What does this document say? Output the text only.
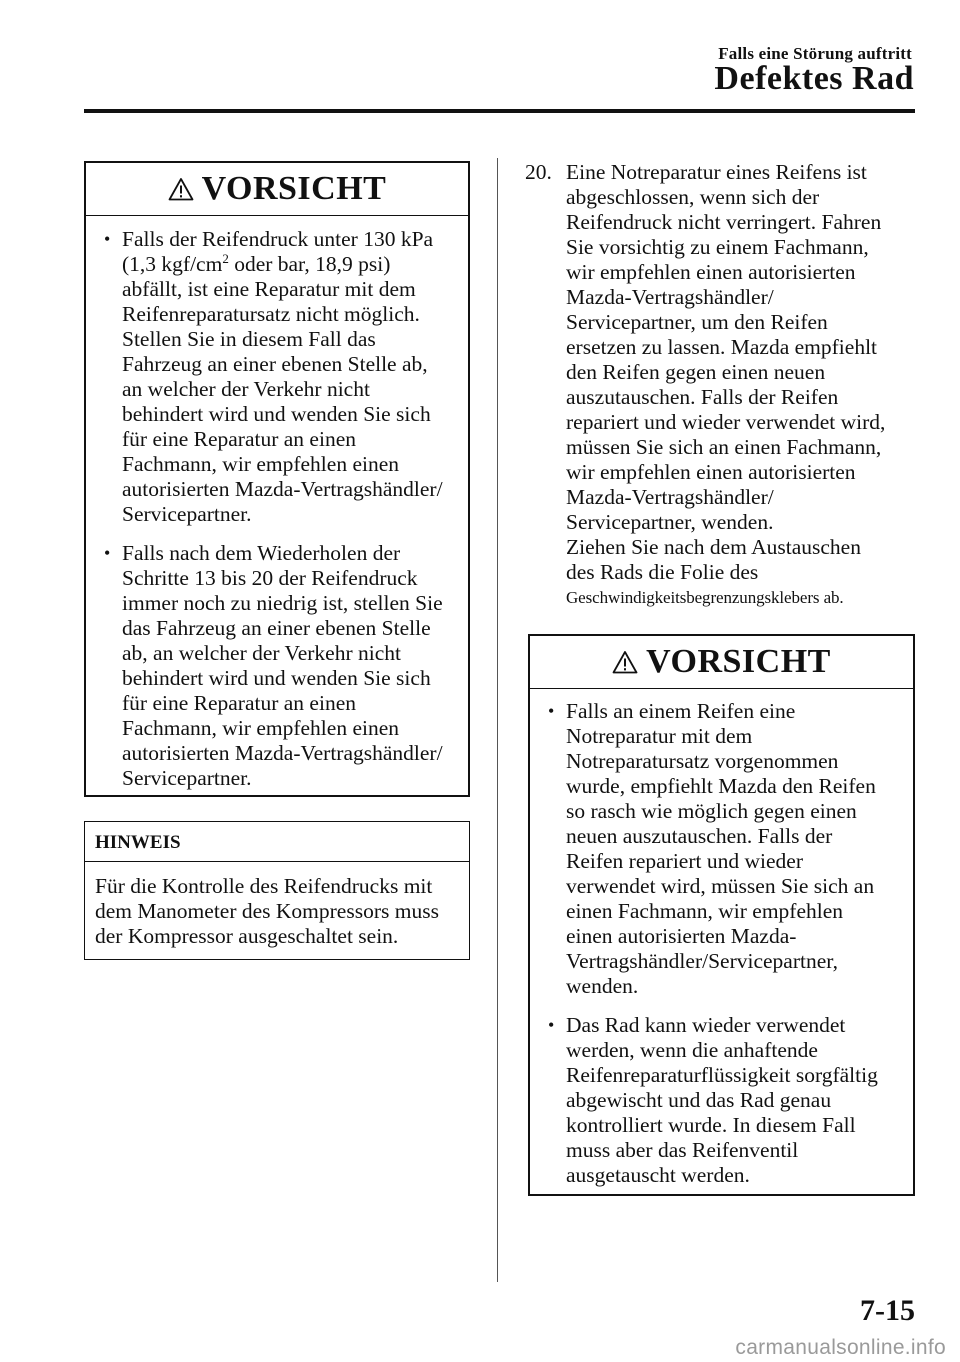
Falls eine Störung auftritt
Defektes Rad
VORSICHT
• Falls der Reifendruck unter 130 kPa
(1,3 kgf/$cm^2$ oder bar, 18,9 psi)
abfällt, ist eine Reparatur mit dem
Reifenreparatursatz nicht möglich.
Stellen Sie in diesem Fall das
Fahrzeug an einer ebenen Stelle ab,
an welcher der Verkehr nicht
behindert wird und wenden Sie sich
für eine Reparatur an einen
Fachmann, wir empfehlen einen
autorisierten Mazda-Vertragshändler/
Servicepartner.
• Falls nach dem Wiederholen der
Schritte 13 bis 20 der Reifendruck
immer noch zu niedrig ist, stellen Sie
das Fahrzeug an einer ebenen Stelle
ab, an welcher der Verkehr nicht
behindert wird und wenden Sie sich
für eine Reparatur an einen
Fachmann, wir empfehlen einen
autorisierten Mazda-Vertragshändler/
Servicepartner.
HINWEIS
Für die Kontrolle des Reifendrucks mit
dem Manometer des Kompressors muss
der Kompressor ausgeschaltet sein.
20. Eine Notreparatur eines Reifens ist
abgeschlossen, wenn sich der
Reifendruck nicht verringert. Fahren
Sie vorsichtig zu einem Fachmann,
wir empfehlen einen autorisierten
Mazda-Vertragshändler/
Servicepartner, um den Reifen
ersetzen zu lassen. Mazda empfiehlt
den Reifen gegen einen neuen
auszutauschen. Falls der Reifen
repariert und wieder verwendet wird,
müssen Sie sich an einen Fachmann,
wir empfehlen einen autorisierten
Mazda-Vertragshändler/
Servicepartner, wenden.
Ziehen Sie nach dem Austauschen
des Rads die Folie des
Geschwindigkeitsbegrenzungsklebers ab.
VORSICHT
• Falls an einem Reifen eine
Notreparatur mit dem
Notreparatursatz vorgenommen
wurde, empfiehlt Mazda den Reifen
so rasch wie möglich gegen einen
neuen auszutauschen. Falls der
Reifen repariert und wieder
verwendet wird, müssen Sie sich an
einen Fachmann, wir empfehlen
einen autorisierten Mazda-
Vertragshändler/Servicepartner,
wenden.
• Das Rad kann wieder verwendet
werden, wenn die anhaftende
Reifenreparaturflüssigkeit sorgfältig
abgewischt und das Rad genau
kontrolliert wurde. In diesem Fall
muss aber das Reifenventil
ausgetauscht werden.
7-15
carmanualsonline.info
